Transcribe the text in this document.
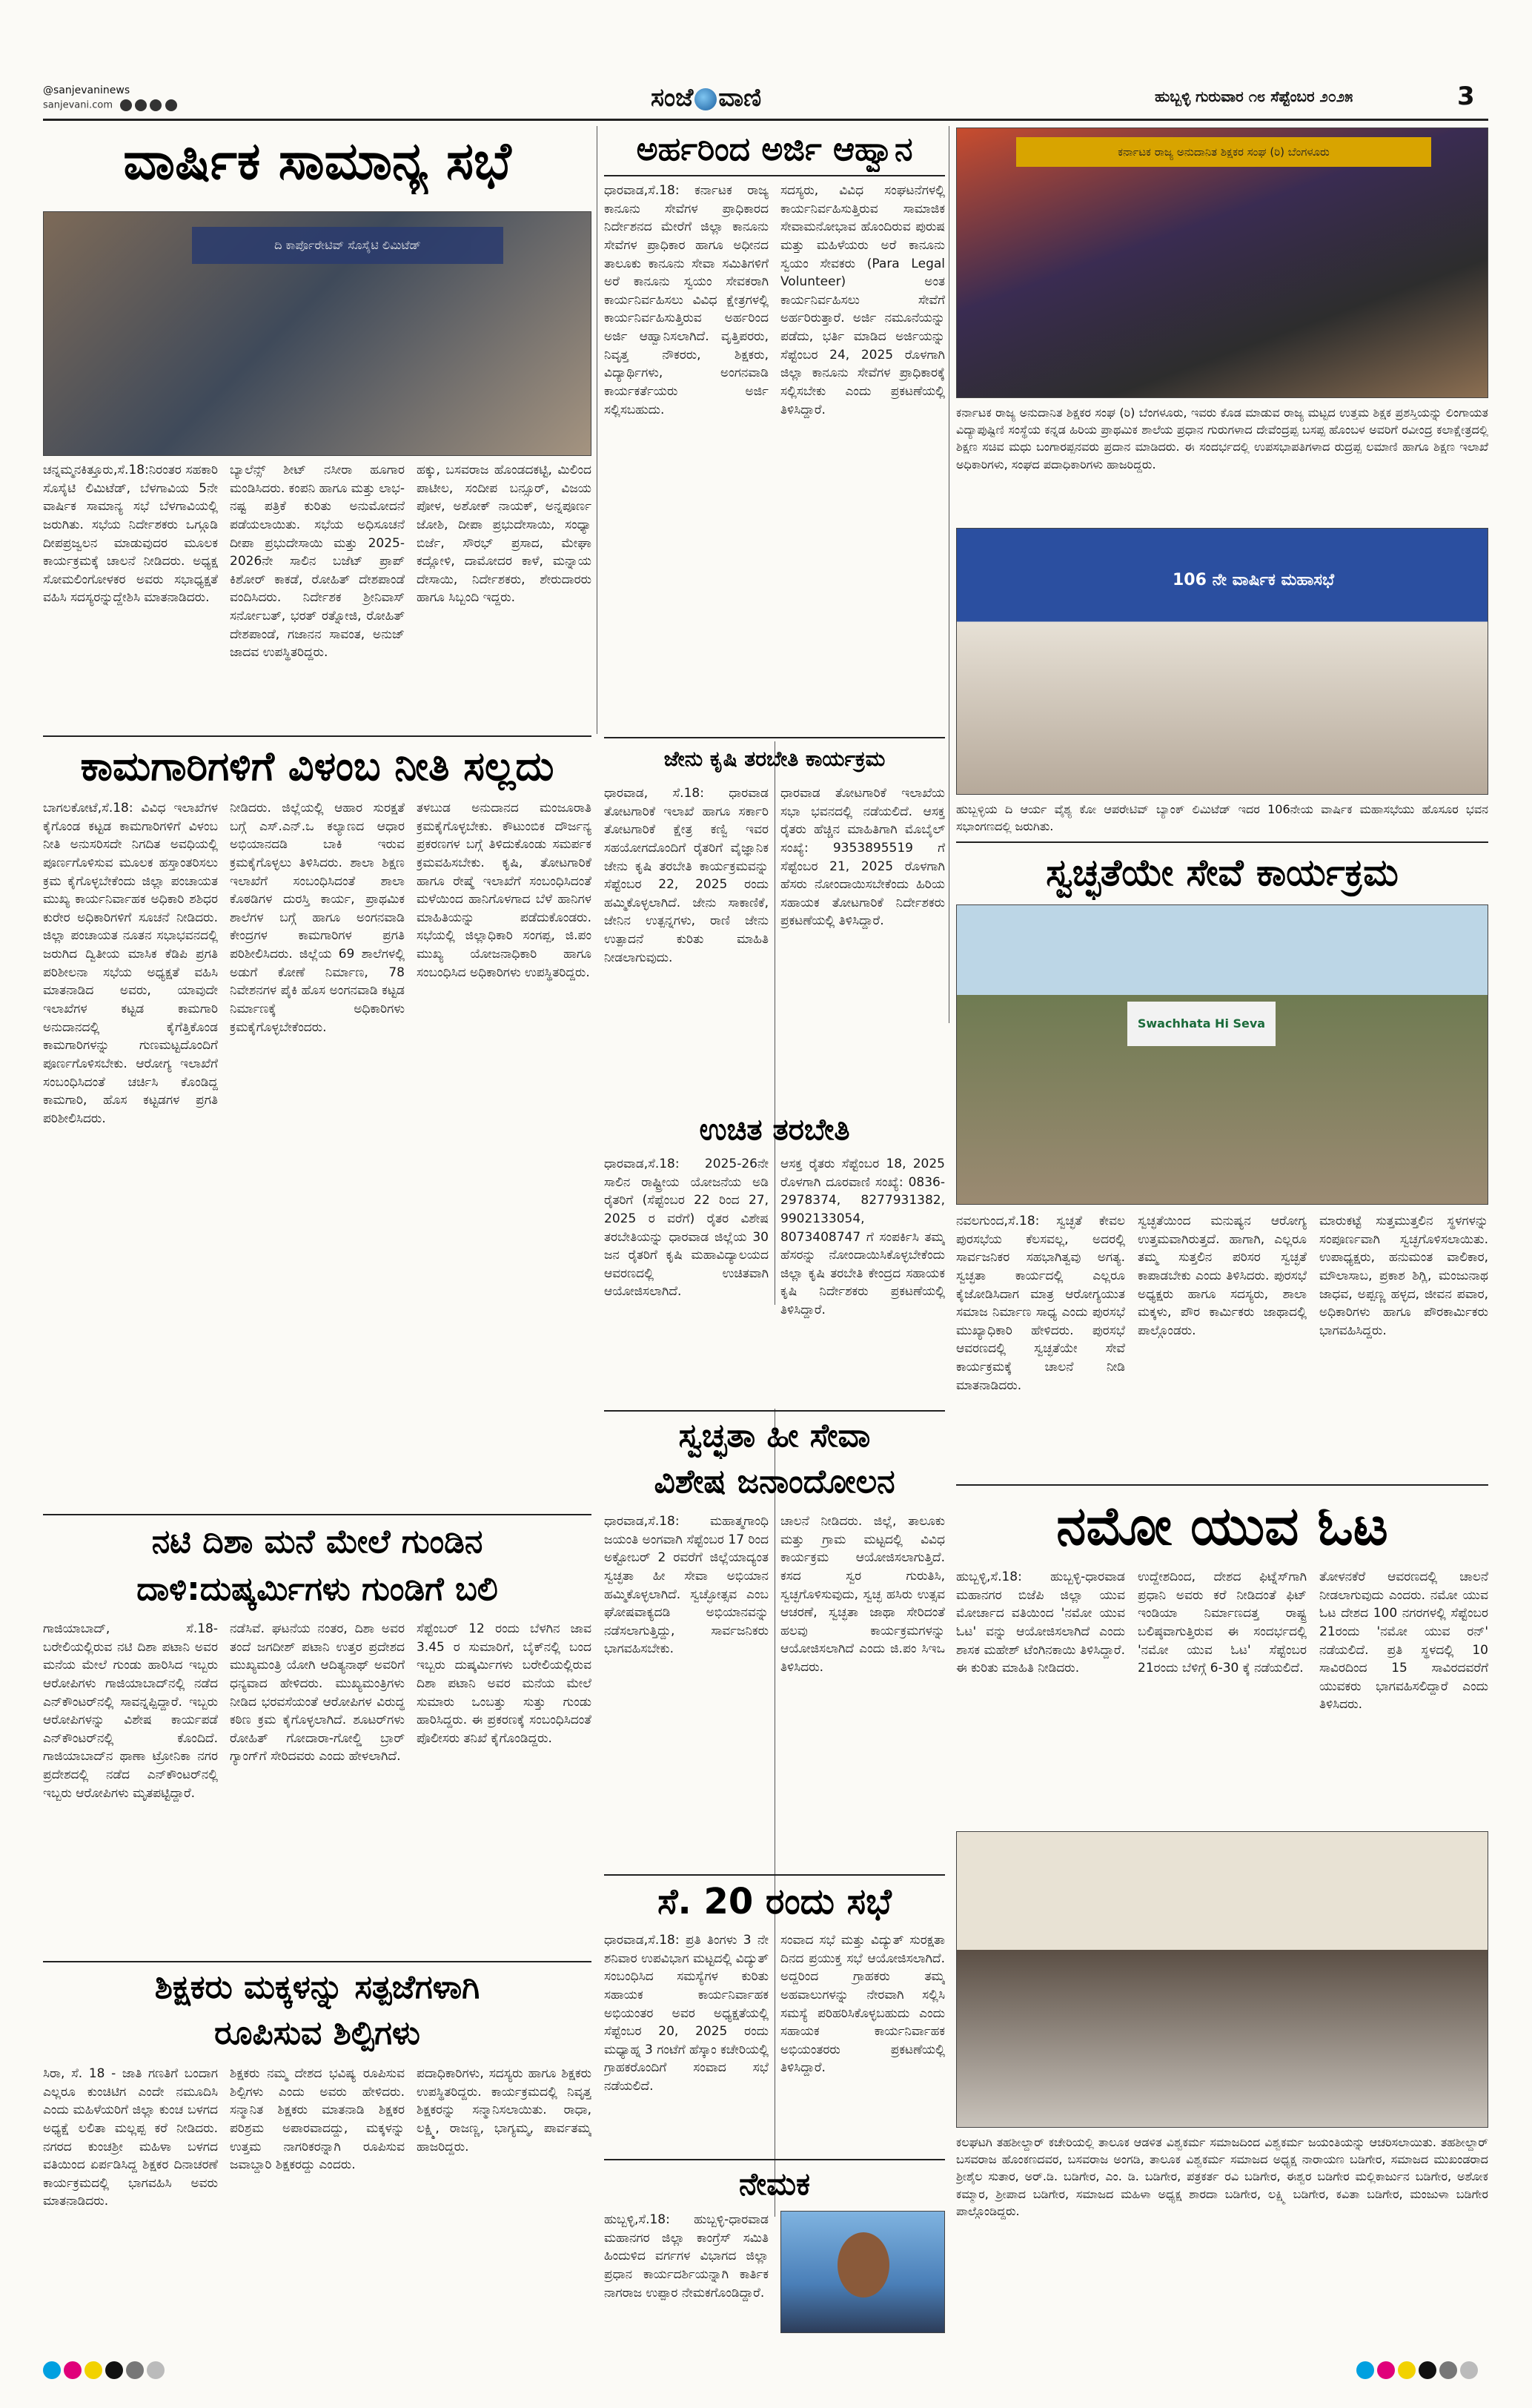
@sanjevaninews
sanjevani.com	ಸಂಜೆ ವಾಣಿ	ಹುಬ್ಬಳ್ಳಿ ಗುರುವಾರ ೧೮ ಸೆಪ್ಟೆಂಬರ ೨೦೨೫	3
ವಾರ್ಷಿಕ ಸಾಮಾನ್ಯ ಸಭೆ
ದಿ ಕಾರ್ಪೊರೇಟಿವ್ ಸೊಸೈಟಿ ಲಿಮಿಟೆಡ್
ಚನ್ನಮ್ಮನಕಿತ್ತೂರು,ಸೆ.18:ನಿರಂತರ ಸಹಕಾರಿ ಸೊಸೈಟಿ ಲಿಮಿಟೆಡ್, ಬೆಳಗಾವಿಯ 5ನೇ ವಾರ್ಷಿಕ ಸಾಮಾನ್ಯ ಸಭೆ ಬೆಳಗಾವಿಯಲ್ಲಿ ಜರುಗಿತು. ಸಭೆಯ ನಿರ್ದೇಶಕರು ಒಗ್ಗೂಡಿ ದೀಪಪ್ರಜ್ವಲನ ಮಾಡುವುದರ ಮೂಲಕ ಕಾರ್ಯಕ್ರಮಕ್ಕೆ ಚಾಲನೆ ನೀಡಿದರು. ಅಧ್ಯಕ್ಷ ಸೋಮಲಿಂಗೋಳಕರ ಅವರು ಸಭಾಧ್ಯಕ್ಷತೆ ವಹಿಸಿ ಸದಸ್ಯರನ್ನುದ್ದೇಶಿಸಿ ಮಾತನಾಡಿದರು.
ಬ್ಯಾಲೆನ್ಸ್ ಶೀಟ್ ನಸೀರಾ ಹೂಗಾರ ಮಂಡಿಸಿದರು. ಕಂಪನಿ ಹಾಗೂ ಮತ್ತು ಲಾಭ-ನಷ್ಟ ಪತ್ರಿಕೆ ಕುರಿತು ಅನುಮೋದನೆ ಪಡೆಯಲಾಯಿತು. ಸಭೆಯ ಅಧಿಸೂಚನೆ ದೀಪಾ ಪ್ರಭುದೇಸಾಯಿ ಮತ್ತು 2025-2026ನೇ ಸಾಲಿನ ಬಜೆಟ್ ಪ್ರಾಪ್ ಕಿಶೋರ್ ಕಾಕಡೆ, ರೋಹಿತ್ ದೇಶಪಾಂಡೆ ವಂದಿಸಿದರು. ನಿರ್ದೇಶಕ ಶ್ರೀನಿವಾಸ್ ಸರ್ನೋಬತ್, ಭರತ್ ರತ್ನೋಜಿ, ರೋಹಿತ್ ದೇಶಪಾಂಡೆ, ಗಜಾನನ ಸಾವಂತ, ಅನುಜ್ ಜಾದವ ಉಪಸ್ಥಿತರಿದ್ದರು.
ಹಕ್ಕು, ಬಸವರಾಜ ಹೊಂಡದಕಟ್ಟಿ, ಮಿಲಿಂದ ಪಾಟೀಲ, ಸಂದೀಪ ಬನ್ಸೂರ್, ವಿಜಯ ಪೋಳ, ಅಶೋಕ್ ನಾಯಕ್, ಅನ್ನಪೂರ್ಣ ಜೋಶಿ, ದೀಪಾ ಪ್ರಭುದೇಸಾಯಿ, ಸಂಧ್ಯಾ ಬಿರ್ಜೆ, ಸೌರಭ್ ಪ್ರಸಾದ, ಮೇಘಾ ಕದ್ಲೋಳಿ, ದಾಮೋದರ ಕಾಳೆ, ಮನ್ನಾಯ ದೇಸಾಯಿ, ನಿರ್ದೇಶಕರು, ಶೇರುದಾರರು ಹಾಗೂ ಸಿಬ್ಬಂದಿ ಇದ್ದರು.
ಅರ್ಹರಿಂದ ಅರ್ಜಿ ಆಹ್ವಾನ
ಧಾರವಾಡ,ಸೆ.18: ಕರ್ನಾಟಕ ರಾಜ್ಯ ಕಾನೂನು ಸೇವೆಗಳ ಪ್ರಾಧಿಕಾರದ ನಿರ್ದೇಶನದ ಮೇರೆಗೆ ಜಿಲ್ಲಾ ಕಾನೂನು ಸೇವೆಗಳ ಪ್ರಾಧಿಕಾರ ಹಾಗೂ ಅಧೀನದ ತಾಲೂಕು ಕಾನೂನು ಸೇವಾ ಸಮಿತಿಗಳಿಗೆ ಅರೆ ಕಾನೂನು ಸ್ವಯಂ ಸೇವಕರಾಗಿ ಕಾರ್ಯನಿರ್ವಹಿಸಲು ವಿವಿಧ ಕ್ಷೇತ್ರಗಳಲ್ಲಿ ಕಾರ್ಯನಿರ್ವಹಿಸುತ್ತಿರುವ ಅರ್ಹರಿಂದ ಅರ್ಜಿ ಆಹ್ವಾನಿಸಲಾಗಿದೆ. ವೃತ್ತಿಪರರು, ನಿವೃತ್ತ ನೌಕರರು, ಶಿಕ್ಷಕರು, ವಿದ್ಯಾರ್ಥಿಗಳು, ಅಂಗನವಾಡಿ ಕಾರ್ಯಕರ್ತೆಯರು ಅರ್ಜಿ ಸಲ್ಲಿಸಬಹುದು.
ಸದಸ್ಯರು, ವಿವಿಧ ಸಂಘಟನೆಗಳಲ್ಲಿ ಕಾರ್ಯನಿರ್ವಹಿಸುತ್ತಿರುವ ಸಾಮಾಜಿಕ ಸೇವಾಮನೋಭಾವ ಹೊಂದಿರುವ ಪುರುಷ ಮತ್ತು ಮಹಿಳೆಯರು ಅರೆ ಕಾನೂನು ಸ್ವಯಂ ಸೇವಕರು (Para Legal Volunteer) ಅಂತ ಕಾರ್ಯನಿರ್ವಹಿಸಲು ಸೇವೆಗೆ ಅರ್ಹರಿರುತ್ತಾರೆ. ಅರ್ಜಿ ನಮೂನೆಯನ್ನು ಪಡೆದು, ಭರ್ತಿ ಮಾಡಿದ ಅರ್ಜಿಯನ್ನು ಸೆಪ್ಟೆಂಬರ 24, 2025 ರೊಳಗಾಗಿ ಜಿಲ್ಲಾ ಕಾನೂನು ಸೇವೆಗಳ ಪ್ರಾಧಿಕಾರಕ್ಕೆ ಸಲ್ಲಿಸಬೇಕು ಎಂದು ಪ್ರಕಟಣೆಯಲ್ಲಿ ತಿಳಿಸಿದ್ದಾರೆ.
ಕರ್ನಾಟಕ ರಾಜ್ಯ ಅನುದಾನಿತ ಶಿಕ್ಷಕರ ಸಂಘ (ರಿ) ಬೆಂಗಳೂರು
ಕರ್ನಾಟಕ ರಾಜ್ಯ ಅನುದಾನಿತ ಶಿಕ್ಷಕರ ಸಂಘ (ರಿ) ಬೆಂಗಳೂರು, ಇವರು ಕೊಡ ಮಾಡುವ ರಾಜ್ಯ ಮಟ್ಟದ ಉತ್ತಮ ಶಿಕ್ಷಕ ಪ್ರಶಸ್ತಿಯನ್ನು ಲಿಂಗಾಯತ ವಿದ್ಯಾಪುಷ್ಟಿಣಿ ಸಂಸ್ಥೆಯ ಕನ್ನಡ ಹಿರಿಯ ಪ್ರಾಥಮಿಕ ಶಾಲೆಯ ಪ್ರಧಾನ ಗುರುಗಳಾದ ದೇವೆಂದ್ರಪ್ಪ ಬಸಪ್ಪ ಹೊಂಬಳ ಅವರಿಗೆ ರವೀಂದ್ರ ಕಲಾಕ್ಷೇತ್ರದಲ್ಲಿ ಶಿಕ್ಷಣ ಸಚಿವ ಮಧು ಬಂಗಾರಪ್ಪನವರು ಪ್ರದಾನ ಮಾಡಿದರು. ಈ ಸಂದರ್ಭದಲ್ಲಿ ಉಪಸಭಾಪತಿಗಳಾದ ರುದ್ರಪ್ಪ ಲಮಾಣಿ ಹಾಗೂ ಶಿಕ್ಷಣ ಇಲಾಖೆ ಅಧಿಕಾರಿಗಳು, ಸಂಘದ ಪದಾಧಿಕಾರಿಗಳು ಹಾಜರಿದ್ದರು.
106 ನೇ ವಾರ್ಷಿಕ ಮಹಾಸಭೆ
ಹುಬ್ಬಳ್ಳಿಯ ದಿ ಆರ್ಯ ವೈಶ್ಯ ಕೋ ಆಪರೇಟಿವ್ ಬ್ಯಾಂಕ್ ಲಿಮಿಟೆಡ್ ಇದರ 106ನೇಯ ವಾರ್ಷಿಕ ಮಹಾಸಭೆಯು ಹೊಸೂರ ಭವನ ಸಭಾಂಗಣದಲ್ಲಿ ಜರುಗಿತು.
ಕಾಮಗಾರಿಗಳಿಗೆ ವಿಳಂಬ ನೀತಿ ಸಲ್ಲದು
ಬಾಗಲಕೋಟೆ,ಸೆ.18: ವಿವಿಧ ಇಲಾಖೆಗಳ ಕೈಗೊಂಡ ಕಟ್ಟಡ ಕಾಮಗಾರಿಗಳಿಗೆ ವಿಳಂಬ ನೀತಿ ಅನುಸರಿಸದೇ ನಿಗದಿತ ಅವಧಿಯಲ್ಲಿ ಪೂರ್ಣಗೊಳಿಸುವ ಮೂಲಕ ಹಸ್ತಾಂತರಿಸಲು ಕ್ರಮ ಕೈಗೊಳ್ಳಬೇಕೆಂದು ಜಿಲ್ಲಾ ಪಂಚಾಯತ ಮುಖ್ಯ ಕಾರ್ಯನಿರ್ವಾಹಕ ಅಧಿಕಾರಿ ಶಶಿಧರ ಕುರೇರ ಅಧಿಕಾರಿಗಳಿಗೆ ಸೂಚನೆ ನೀಡಿದರು. ಜಿಲ್ಲಾ ಪಂಚಾಯತ ನೂತನ ಸಭಾಭವನದಲ್ಲಿ ಜರುಗಿದ ದ್ವಿತೀಯ ಮಾಸಿಕ ಕೆಡಿಪಿ ಪ್ರಗತಿ ಪರಿಶೀಲನಾ ಸಭೆಯ ಅಧ್ಯಕ್ಷತೆ ವಹಿಸಿ ಮಾತನಾಡಿದ ಅವರು, ಯಾವುದೇ ಇಲಾಖೆಗಳ ಕಟ್ಟಡ ಕಾಮಗಾರಿ ಅನುದಾನದಲ್ಲಿ ಕೈಗೆತ್ತಿಕೊಂಡ ಕಾಮಗಾರಿಗಳನ್ನು ಗುಣಮಟ್ಟದೊಂದಿಗೆ ಪೂರ್ಣಗೊಳಿಸಬೇಕು. ಆರೋಗ್ಯ ಇಲಾಖೆಗೆ ಸಂಬಂಧಿಸಿದಂತೆ ಚರ್ಚಿಸಿ ಕೊಂಡಿದ್ದ ಕಾಮಗಾರಿ, ಹೊಸ ಕಟ್ಟಡಗಳ ಪ್ರಗತಿ ಪರಿಶೀಲಿಸಿದರು.
ನೀಡಿದರು. ಜಿಲ್ಲೆಯಲ್ಲಿ ಆಹಾರ ಸುರಕ್ಷತೆ ಬಗ್ಗೆ ಎಸ್.ಎನ್.ಒ ಕಲ್ಯಾಣದ ಆಧಾರ ಅಭಿಯಾನದಡಿ ಬಾಕಿ ಇರುವ ಕ್ರಮಕೈಗೊಳ್ಳಲು ತಿಳಿಸಿದರು. ಶಾಲಾ ಶಿಕ್ಷಣ ಇಲಾಖೆಗೆ ಸಂಬಂಧಿಸಿದಂತೆ ಶಾಲಾ ಕೊಠಡಿಗಳ ದುರಸ್ತಿ ಕಾರ್ಯ, ಪ್ರಾಥಮಿಕ ಶಾಲೆಗಳ ಬಗ್ಗೆ ಹಾಗೂ ಅಂಗನವಾಡಿ ಕೇಂದ್ರಗಳ ಕಾಮಗಾರಿಗಳ ಪ್ರಗತಿ ಪರಿಶೀಲಿಸಿದರು. ಜಿಲ್ಲೆಯ 69 ಶಾಲೆಗಳಲ್ಲಿ ಅಡುಗೆ ಕೋಣೆ ನಿರ್ಮಾಣ, 78 ನಿವೇಶನಗಳ ಪೈಕಿ ಹೊಸ ಅಂಗನವಾಡಿ ಕಟ್ಟಡ ನಿರ್ಮಾಣಕ್ಕೆ ಅಧಿಕಾರಿಗಳು ಕ್ರಮಕೈಗೊಳ್ಳಬೇಕೆಂದರು.
ತಳಬುಡ ಅನುದಾನದ ಮಂಜೂರಾತಿ ಕ್ರಮಕೈಗೊಳ್ಳಬೇಕು. ಕೌಟುಂಬಿಕ ದೌರ್ಜನ್ಯ ಪ್ರಕರಣಗಳ ಬಗ್ಗೆ ತಿಳಿದುಕೊಂಡು ಸಮರ್ಪಕ ಕ್ರಮವಹಿಸಬೇಕು. ಕೃಷಿ, ತೋಟಗಾರಿಕೆ ಹಾಗೂ ರೇಷ್ಮೆ ಇಲಾಖೆಗೆ ಸಂಬಂಧಿಸಿದಂತೆ ಮಳೆಯಿಂದ ಹಾನಿಗೊಳಗಾದ ಬೆಳೆ ಹಾನಿಗಳ ಮಾಹಿತಿಯನ್ನು ಪಡೆದುಕೊಂಡರು. ಸಭೆಯಲ್ಲಿ ಜಿಲ್ಲಾಧಿಕಾರಿ ಸಂಗಪ್ಪ, ಜಿ.ಪಂ ಮುಖ್ಯ ಯೋಜನಾಧಿಕಾರಿ ಹಾಗೂ ಸಂಬಂಧಿಸಿದ ಅಧಿಕಾರಿಗಳು ಉಪಸ್ಥಿತರಿದ್ದರು.
ಜೇನು ಕೃಷಿ ತರಬೇತಿ ಕಾರ್ಯಕ್ರಮ
ಧಾರವಾಡ, ಸೆ.18: ಧಾರವಾಡ ತೋಟಗಾರಿಕೆ ಇಲಾಖೆ ಹಾಗೂ ಸರ್ಕಾರಿ ತೋಟಗಾರಿಕೆ ಕ್ಷೇತ್ರ ಕಣ್ವಿ ಇವರ ಸಹಯೋಗದೊಂದಿಗೆ ರೈತರಿಗೆ ವೈಜ್ಞಾನಿಕ ಜೇನು ಕೃಷಿ ತರಬೇತಿ ಕಾರ್ಯಕ್ರಮವನ್ನು ಸೆಪ್ಟೆಂಬರ 22, 2025 ರಂದು ಹಮ್ಮಿಕೊಳ್ಳಲಾಗಿದೆ. ಜೇನು ಸಾಕಾಣಿಕೆ, ಜೇನಿನ ಉತ್ಪನ್ನಗಳು, ರಾಣಿ ಜೇನು ಉತ್ಪಾದನೆ ಕುರಿತು ಮಾಹಿತಿ ನೀಡಲಾಗುವುದು.
ಧಾರವಾಡ ತೋಟಗಾರಿಕೆ ಇಲಾಖೆಯ ಸಭಾ ಭವನದಲ್ಲಿ ನಡೆಯಲಿದೆ. ಆಸಕ್ತ ರೈತರು ಹೆಚ್ಚಿನ ಮಾಹಿತಿಗಾಗಿ ಮೊಬೈಲ್ ಸಂಖ್ಯೆ: 9353895519 ಗೆ ಸೆಪ್ಟೆಂಬರ 21, 2025 ರೊಳಗಾಗಿ ಹೆಸರು ನೋಂದಾಯಿಸಬೇಕೆಂದು ಹಿರಿಯ ಸಹಾಯಕ ತೋಟಗಾರಿಕೆ ನಿರ್ದೇಶಕರು ಪ್ರಕಟಣೆಯಲ್ಲಿ ತಿಳಿಸಿದ್ದಾರೆ.
ಉಚಿತ ತರಬೇತಿ
ಧಾರವಾಡ,ಸೆ.18: 2025-26ನೇ ಸಾಲಿನ ರಾಷ್ಟ್ರೀಯ ಯೋಜನೆಯ ಅಡಿ ರೈತರಿಗೆ (ಸೆಪ್ಟೆಂಬರ 22 ರಿಂದ 27, 2025 ರ ವರೆಗೆ) ರೈತರ ವಿಶೇಷ ತರಬೇತಿಯನ್ನು ಧಾರವಾಡ ಜಿಲ್ಲೆಯ 30 ಜನ ರೈತರಿಗೆ ಕೃಷಿ ಮಹಾವಿದ್ಯಾಲಯದ ಆವರಣದಲ್ಲಿ ಉಚಿತವಾಗಿ ಆಯೋಜಿಸಲಾಗಿದೆ.
ಆಸಕ್ತ ರೈತರು ಸೆಪ್ಟೆಂಬರ 18, 2025 ರೊಳಗಾಗಿ ದೂರವಾಣಿ ಸಂಖ್ಯೆ: 0836-2978374, 8277931382, 9902133054, 8073408747 ಗೆ ಸಂಪರ್ಕಿಸಿ ತಮ್ಮ ಹೆಸರನ್ನು ನೋಂದಾಯಿಸಿಕೊಳ್ಳಬೇಕೆಂದು ಜಿಲ್ಲಾ ಕೃಷಿ ತರಬೇತಿ ಕೇಂದ್ರದ ಸಹಾಯಕ ಕೃಷಿ ನಿರ್ದೇಶಕರು ಪ್ರಕಟಣೆಯಲ್ಲಿ ತಿಳಿಸಿದ್ದಾರೆ.
ಸ್ವಚ್ಛತೆಯೇ ಸೇವೆ ಕಾರ್ಯಕ್ರಮ
Swachhata Hi Seva
ನವಲಗುಂದ,ಸೆ.18: ಸ್ವಚ್ಛತೆ ಕೇವಲ ಪುರಸಭೆಯ ಕೆಲಸವಲ್ಲ, ಅದರಲ್ಲಿ ಸಾರ್ವಜನಿಕರ ಸಹಭಾಗಿತ್ವವು ಅಗತ್ಯ. ಸ್ವಚ್ಛತಾ ಕಾರ್ಯದಲ್ಲಿ ಎಲ್ಲರೂ ಕೈಜೋಡಿಸಿದಾಗ ಮಾತ್ರ ಆರೋಗ್ಯಯುತ ಸಮಾಜ ನಿರ್ಮಾಣ ಸಾಧ್ಯ ಎಂದು ಪುರಸಭೆ ಮುಖ್ಯಾಧಿಕಾರಿ ಹೇಳಿದರು. ಪುರಸಭೆ ಆವರಣದಲ್ಲಿ ಸ್ವಚ್ಛತೆಯೇ ಸೇವೆ ಕಾರ್ಯಕ್ರಮಕ್ಕೆ ಚಾಲನೆ ನೀಡಿ ಮಾತನಾಡಿದರು.
ಸ್ವಚ್ಛತೆಯಿಂದ ಮನುಷ್ಯನ ಆರೋಗ್ಯ ಉತ್ತಮವಾಗಿರುತ್ತದೆ. ಹಾಗಾಗಿ, ಎಲ್ಲರೂ ತಮ್ಮ ಸುತ್ತಲಿನ ಪರಿಸರ ಸ್ವಚ್ಛತೆ ಕಾಪಾಡಬೇಕು ಎಂದು ತಿಳಿಸಿದರು. ಪುರಸಭೆ ಅಧ್ಯಕ್ಷರು ಹಾಗೂ ಸದಸ್ಯರು, ಶಾಲಾ ಮಕ್ಕಳು, ಪೌರ ಕಾರ್ಮಿಕರು ಜಾಥಾದಲ್ಲಿ ಪಾಲ್ಗೊಂಡರು.
ಮಾರುಕಟ್ಟೆ ಸುತ್ತಮುತ್ತಲಿನ ಸ್ಥಳಗಳನ್ನು ಸಂಪೂರ್ಣವಾಗಿ ಸ್ವಚ್ಛಗೊಳಿಸಲಾಯಿತು. ಉಪಾಧ್ಯಕ್ಷರು, ಹನುಮಂತ ವಾಲಿಕಾರ, ಮೌಲಾಸಾಬ, ಪ್ರಕಾಶ ಶಿಗ್ಲಿ, ಮಂಜುನಾಥ ಜಾಧವ, ಅಪ್ಪಣ್ಣ ಹಳ್ಳದ, ಜೀವನ ಪವಾರ, ಅಧಿಕಾರಿಗಳು ಹಾಗೂ ಪೌರಕಾರ್ಮಿಕರು ಭಾಗವಹಿಸಿದ್ದರು.
ನಟಿ ದಿಶಾ ಮನೆ ಮೇಲೆ ಗುಂಡಿನ
ದಾಳಿ:ದುಷ್ಕರ್ಮಿಗಳು ಗುಂಡಿಗೆ ಬಲಿ
ಗಾಜಿಯಾಬಾದ್, ಸೆ.18- ಬರೇಲಿಯಲ್ಲಿರುವ ನಟಿ ದಿಶಾ ಪಟಾನಿ ಅವರ ಮನೆಯ ಮೇಲೆ ಗುಂಡು ಹಾರಿಸಿದ ಇಬ್ಬರು ಆರೋಪಿಗಳು ಗಾಜಿಯಾಬಾದ್‌ನಲ್ಲಿ ನಡೆದ ಎನ್‌ಕೌಂಟರ್‌ನಲ್ಲಿ ಸಾವನ್ನಪ್ಪಿದ್ದಾರೆ. ಇಬ್ಬರು ಆರೋಪಿಗಳನ್ನು ವಿಶೇಷ ಕಾರ್ಯಪಡೆ ಎನ್‌ಕೌಂಟರ್‌ನಲ್ಲಿ ಕೊಂದಿದೆ. ಗಾಜಿಯಾಬಾದ್‌ನ ಥಾಣಾ ಟ್ರೋನಿಕಾ ನಗರ ಪ್ರದೇಶದಲ್ಲಿ ನಡೆದ ಎನ್‌ಕೌಂಟರ್‌ನಲ್ಲಿ ಇಬ್ಬರು ಆರೋಪಿಗಳು ಮೃತಪಟ್ಟಿದ್ದಾರೆ.
ನಡೆಸಿವೆ. ಘಟನೆಯ ನಂತರ, ದಿಶಾ ಅವರ ತಂದೆ ಜಗದೀಶ್ ಪಟಾನಿ ಉತ್ತರ ಪ್ರದೇಶದ ಮುಖ್ಯಮಂತ್ರಿ ಯೋಗಿ ಆದಿತ್ಯನಾಥ್ ಅವರಿಗೆ ಧನ್ಯವಾದ ಹೇಳಿದರು. ಮುಖ್ಯಮಂತ್ರಿಗಳು ನೀಡಿದ ಭರವಸೆಯಂತೆ ಆರೋಪಿಗಳ ವಿರುದ್ಧ ಕಠಿಣ ಕ್ರಮ ಕೈಗೊಳ್ಳಲಾಗಿದೆ. ಶೂಟರ್‌ಗಳು ರೋಹಿತ್ ಗೋದಾರಾ-ಗೋಲ್ಡಿ ಬ್ರಾರ್ ಗ್ಯಾಂಗ್‌ಗೆ ಸೇರಿದವರು ಎಂದು ಹೇಳಲಾಗಿದೆ.
ಸೆಪ್ಟೆಂಬರ್ 12 ರಂದು ಬೆಳಗಿನ ಜಾವ 3.45 ರ ಸುಮಾರಿಗೆ, ಬೈಕ್‌ನಲ್ಲಿ ಬಂದ ಇಬ್ಬರು ದುಷ್ಕರ್ಮಿಗಳು ಬರೇಲಿಯಲ್ಲಿರುವ ದಿಶಾ ಪಟಾನಿ ಅವರ ಮನೆಯ ಮೇಲೆ ಸುಮಾರು ಒಂಬತ್ತು ಸುತ್ತು ಗುಂಡು ಹಾರಿಸಿದ್ದರು. ಈ ಪ್ರಕರಣಕ್ಕೆ ಸಂಬಂಧಿಸಿದಂತೆ ಪೊಲೀಸರು ತನಿಖೆ ಕೈಗೊಂಡಿದ್ದರು.
ಸ್ವಚ್ಛತಾ ಹೀ ಸೇವಾ
ವಿಶೇಷ ಜನಾಂದೋಲನ
ಧಾರವಾಡ,ಸೆ.18: ಮಹಾತ್ಮಗಾಂಧಿ ಜಯಂತಿ ಅಂಗವಾಗಿ ಸೆಪ್ಟೆಂಬರ 17 ರಿಂದ ಅಕ್ಟೋಬರ್ 2 ರವರೆಗೆ ಜಿಲ್ಲೆಯಾದ್ಯಂತ ಸ್ವಚ್ಛತಾ ಹೀ ಸೇವಾ ಅಭಿಯಾನ ಹಮ್ಮಿಕೊಳ್ಳಲಾಗಿದೆ. ಸ್ವಚ್ಛೋತ್ಸವ ಎಂಬ ಘೋಷವಾಕ್ಯದಡಿ ಅಭಿಯಾನವನ್ನು ನಡೆಸಲಾಗುತ್ತಿದ್ದು, ಸಾರ್ವಜನಿಕರು ಭಾಗವಹಿಸಬೇಕು.
ಚಾಲನೆ ನೀಡಿದರು. ಜಿಲ್ಲೆ, ತಾಲೂಕು ಮತ್ತು ಗ್ರಾಮ ಮಟ್ಟದಲ್ಲಿ ವಿವಿಧ ಕಾರ್ಯಕ್ರಮ ಆಯೋಜಿಸಲಾಗುತ್ತಿದೆ. ಕಸದ ಸ್ವರ ಗುರುತಿಸಿ, ಸ್ವಚ್ಛಗೊಳಿಸುವುದು, ಸ್ವಚ್ಛ ಹಸಿರು ಉತ್ಸವ ಆಚರಣೆ, ಸ್ವಚ್ಛತಾ ಜಾಥಾ ಸೇರಿದಂತೆ ಹಲವು ಕಾರ್ಯಕ್ರಮಗಳನ್ನು ಆಯೋಜಿಸಲಾಗಿದೆ ಎಂದು ಜಿ.ಪಂ ಸಿಇಒ ತಿಳಿಸಿದರು.
ನಮೋ ಯುವ ಓಟ
ಹುಬ್ಬಳ್ಳಿ,ಸೆ.18: ಹುಬ್ಬಳ್ಳಿ-ಧಾರವಾಡ ಮಹಾನಗರ ಬಿಜೆಪಿ ಜಿಲ್ಲಾ ಯುವ ಮೋರ್ಚಾದ ವತಿಯಿಂದ 'ನಮೋ ಯುವ ಓಟ' ವನ್ನು ಆಯೋಜಿಸಲಾಗಿದೆ ಎಂದು ಶಾಸಕ ಮಹೇಶ್ ಟೆಂಗಿನಕಾಯಿ ತಿಳಿಸಿದ್ದಾರೆ. ಈ ಕುರಿತು ಮಾಹಿತಿ ನೀಡಿದರು.
ಉದ್ದೇಶದಿಂದ, ದೇಶದ ಫಿಟ್ನೆಸ್‌ಗಾಗಿ ಪ್ರಧಾನಿ ಅವರು ಕರೆ ನೀಡಿದಂತೆ ಫಿಟ್ ಇಂಡಿಯಾ ನಿರ್ಮಾಣದತ್ತ ರಾಷ್ಟ್ರ ಬಲಿಷ್ಠವಾಗುತ್ತಿರುವ ಈ ಸಂದರ್ಭದಲ್ಲಿ 'ನಮೋ ಯುವ ಓಟ' ಸೆಪ್ಟೆಂಬರ 21ರಂದು ಬೆಳಿಗ್ಗೆ 6-30 ಕ್ಕೆ ನಡೆಯಲಿದೆ.
ತೋಳನಕೆರೆ ಆವರಣದಲ್ಲಿ ಚಾಲನೆ ನೀಡಲಾಗುವುದು ಎಂದರು. ನಮೋ ಯುವ ಓಟ ದೇಶದ 100 ನಗರಗಳಲ್ಲಿ ಸೆಪ್ಟೆಂಬರ 21ರಂದು 'ನಮೋ ಯುವ ರನ್' ನಡೆಯಲಿದೆ. ಪ್ರತಿ ಸ್ಥಳದಲ್ಲಿ 10 ಸಾವಿರದಿಂದ 15 ಸಾವಿರದವರೆಗೆ ಯುವಕರು ಭಾಗವಹಿಸಲಿದ್ದಾರೆ ಎಂದು ತಿಳಿಸಿದರು.
ಸೆ. 20 ರಂದು ಸಭೆ
ಧಾರವಾಡ,ಸೆ.18: ಪ್ರತಿ ತಿಂಗಳು 3 ನೇ ಶನಿವಾರ ಉಪವಿಭಾಗ ಮಟ್ಟದಲ್ಲಿ ವಿದ್ಯುತ್ ಸಂಬಂಧಿಸಿದ ಸಮಸ್ಯೆಗಳ ಕುರಿತು ಸಹಾಯಕ ಕಾರ್ಯನಿರ್ವಾಹಕ ಅಭಿಯಂತರ ಅವರ ಅಧ್ಯಕ್ಷತೆಯಲ್ಲಿ ಸೆಪ್ಟೆಂಬರ 20, 2025 ರಂದು ಮಧ್ಯಾಹ್ನ 3 ಗಂಟೆಗೆ ಹೆಸ್ಕಾಂ ಕಚೇರಿಯಲ್ಲಿ ಗ್ರಾಹಕರೊಂದಿಗೆ ಸಂವಾದ ಸಭೆ ನಡೆಯಲಿದೆ.
ಸಂವಾದ ಸಭೆ ಮತ್ತು ವಿದ್ಯುತ್ ಸುರಕ್ಷತಾ ದಿನದ ಪ್ರಯುಕ್ತ ಸಭೆ ಆಯೋಜಿಸಲಾಗಿದೆ. ಅದ್ದರಿಂದ ಗ್ರಾಹಕರು ತಮ್ಮ ಅಹವಾಲುಗಳನ್ನು ನೇರವಾಗಿ ಸಲ್ಲಿಸಿ ಸಮಸ್ಯೆ ಪರಿಹರಿಸಿಕೊಳ್ಳಬಹುದು ಎಂದು ಸಹಾಯಕ ಕಾರ್ಯನಿರ್ವಾಹಕ ಅಭಿಯಂತರರು ಪ್ರಕಟಣೆಯಲ್ಲಿ ತಿಳಿಸಿದ್ದಾರೆ.
ಶಿಕ್ಷಕರು ಮಕ್ಕಳನ್ನು ಸತ್ಪಜೆಗಳಾಗಿ
ರೂಪಿಸುವ ಶಿಲ್ಪಿಗಳು
ಸಿರಾ, ಸೆ. 18 - ಜಾತಿ ಗಣತಿಗೆ ಬಂದಾಗ ಎಲ್ಲರೂ ಕುಂಚಿಟಿಗ ಎಂದೇ ನಮೂದಿಸಿ ಎಂದು ಮಹಿಳೆಯರಿಗೆ ಜಿಲ್ಲಾ ಕುಂಚ ಬಳಗದ ಅಧ್ಯಕ್ಷೆ ಲಲಿತಾ ಮಲ್ಲಪ್ಪ ಕರೆ ನೀಡಿದರು. ನಗರದ ಕುಂಚಶ್ರೀ ಮಹಿಳಾ ಬಳಗದ ವತಿಯಿಂದ ಏರ್ಪಡಿಸಿದ್ದ ಶಿಕ್ಷಕರ ದಿನಾಚರಣೆ ಕಾರ್ಯಕ್ರಮದಲ್ಲಿ ಭಾಗವಹಿಸಿ ಅವರು ಮಾತನಾಡಿದರು.
ಶಿಕ್ಷಕರು ನಮ್ಮ ದೇಶದ ಭವಿಷ್ಯ ರೂಪಿಸುವ ಶಿಲ್ಪಿಗಳು ಎಂದು ಅವರು ಹೇಳಿದರು. ಸನ್ಮಾನಿತ ಶಿಕ್ಷಕರು ಮಾತನಾಡಿ ಶಿಕ್ಷಕರ ಪರಿಶ್ರಮ ಅಪಾರವಾದದ್ದು, ಮಕ್ಕಳನ್ನು ಉತ್ತಮ ನಾಗರಿಕರನ್ನಾಗಿ ರೂಪಿಸುವ ಜವಾಬ್ದಾರಿ ಶಿಕ್ಷಕರದ್ದು ಎಂದರು.
ಪದಾಧಿಕಾರಿಗಳು, ಸದಸ್ಯರು ಹಾಗೂ ಶಿಕ್ಷಕರು ಉಪಸ್ಥಿತರಿದ್ದರು. ಕಾರ್ಯಕ್ರಮದಲ್ಲಿ ನಿವೃತ್ತ ಶಿಕ್ಷಕರನ್ನು ಸನ್ಮಾನಿಸಲಾಯಿತು. ರಾಧಾ, ಲಕ್ಷ್ಮಿ, ರಾಜಣ್ಣ, ಭಾಗ್ಯಮ್ಮ, ಪಾರ್ವತಮ್ಮ ಹಾಜರಿದ್ದರು.
ನೇಮಕ
ಹುಬ್ಬಳ್ಳಿ,ಸೆ.18: ಹುಬ್ಬಳ್ಳಿ-ಧಾರವಾಡ ಮಹಾನಗರ ಜಿಲ್ಲಾ ಕಾಂಗ್ರೆಸ್ ಸಮಿತಿ ಹಿಂದುಳಿದ ವರ್ಗಗಳ ವಿಭಾಗದ ಜಿಲ್ಲಾ ಪ್ರಧಾನ ಕಾರ್ಯದರ್ಶಿಯನ್ನಾಗಿ ಕಾರ್ತಿಕ ನಾಗರಾಜ ಉಪ್ಪಾರ ನೇಮಕಗೊಂಡಿದ್ದಾರೆ.
ಕಲಘಟಗಿ ತಹಶೀಲ್ದಾರ್ ಕಚೇರಿಯಲ್ಲಿ ತಾಲೂಕ ಆಡಳಿತ ವಿಶ್ವಕರ್ಮ ಸಮಾಜದಿಂದ ವಿಶ್ವಕರ್ಮ ಜಯಂತಿಯನ್ನು ಆಚರಿಸಲಾಯಿತು. ತಹಶೀಲ್ದಾರ್ ಬಸವರಾಜ ಹೊಂಕಣದವರ, ಬಸವರಾಜ ಅಂಗಡಿ, ತಾಲೂಕ ವಿಶ್ವಕರ್ಮ ಸಮಾಜದ ಅಧ್ಯಕ್ಷ ನಾರಾಯಣ ಬಡಿಗೇರ, ಸಮಾಜದ ಮುಖಂಡರಾದ ಶ್ರೀಶೈಲ ಸುತಾರ, ಅರ್.ಡಿ. ಬಡಿಗೇರ, ಎಂ. ಡಿ. ಬಡಿಗೇರ, ಪತ್ರಕರ್ತ ರವಿ ಬಡಿಗೇರ, ಈಶ್ವರ ಬಡಿಗೇರ ಮಲ್ಲಿಕಾರ್ಜುನ ಬಡಿಗೇರ, ಅಶೋಕ ಕಮ್ಮಾರ, ಶ್ರೀಪಾದ ಬಡಿಗೇರ, ಸಮಾಜದ ಮಹಿಳಾ ಅಧ್ಯಕ್ಷ ಶಾರದಾ ಬಡಿಗೇರ, ಲಕ್ಷ್ಮಿ ಬಡಿಗೇರ, ಕವಿತಾ ಬಡಿಗೇರ, ಮಂಜುಳಾ ಬಡಿಗೇರ ಪಾಲ್ಗೊಂಡಿದ್ದರು.
